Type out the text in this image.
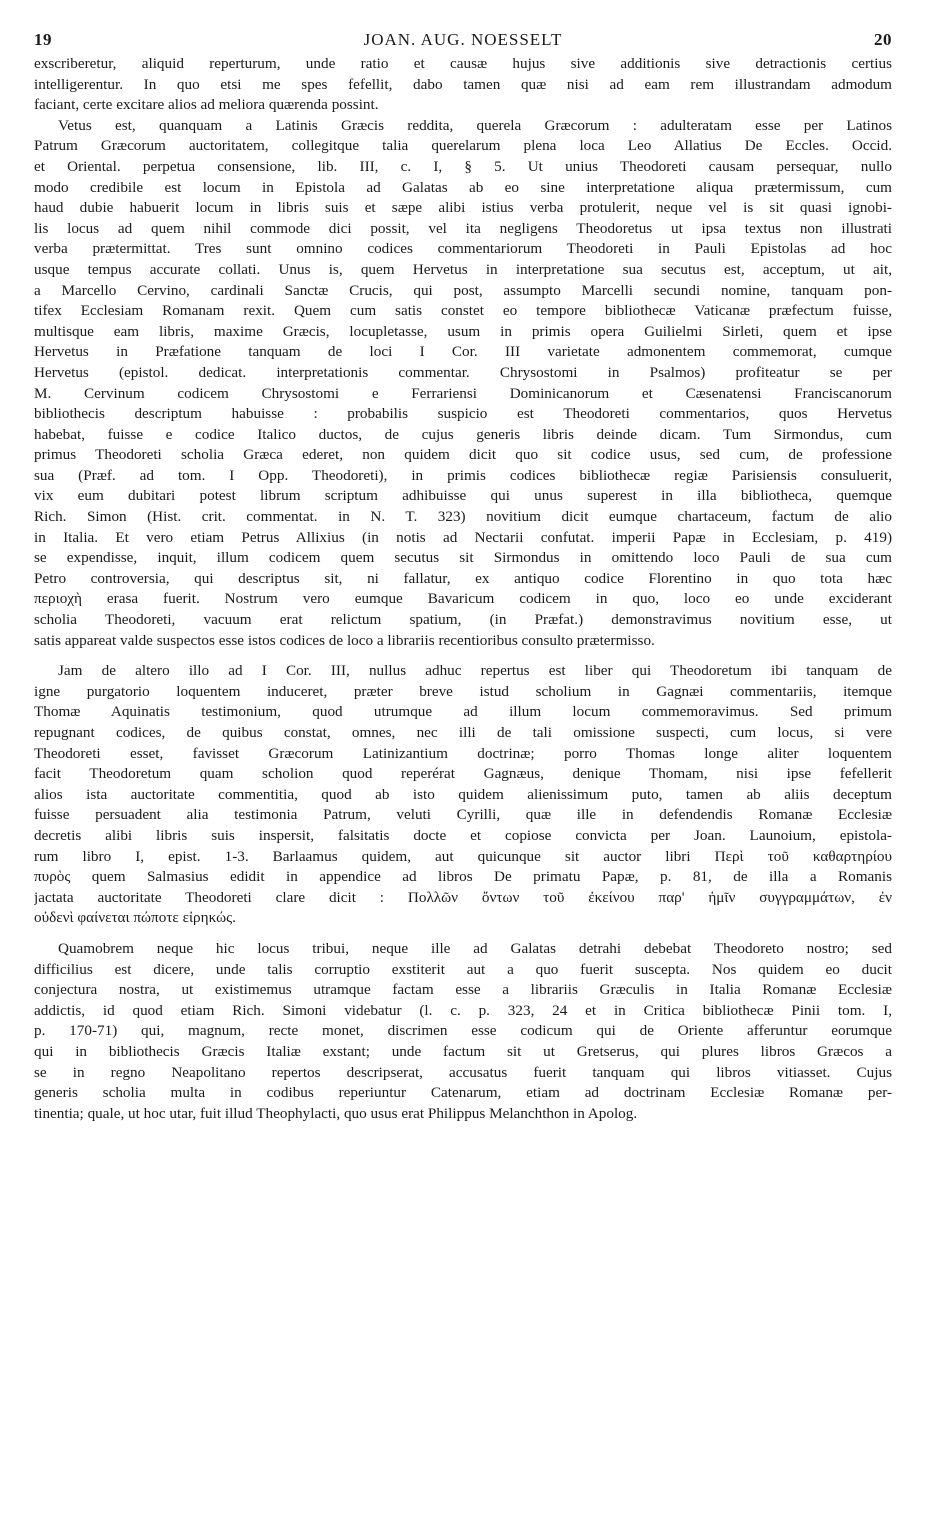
19	JOAN. AUG. NOESSELT	20
exscriberetur, aliquid reperturum, unde ratio et causæ hujus sive additionis sive detractionis certius
intelligerentur. In quo etsi me spes fefellit, dabo tamen quæ nisi ad eam rem illustrandam admodum
faciant, certe excitare alios ad meliora quærenda possint.
Vetus est, quanquam a Latinis Græcis reddita, querela Græcorum : adulteratam esse per Latinos
Patrum Græcorum auctoritatem, collegitque talia querelarum plena loca Leo Allatius De Eccles. Occid.
et Oriental. perpetua consensione, lib. III, c. I, § 5. Ut unius Theodoreti causam persequar, nullo
modo credibile est locum in Epistola ad Galatas ab eo sine interpretatione aliqua prætermissum, cum
haud dubie habuerit locum in libris suis et sæpe alibi istius verba protulerit, neque vel is sit quasi ignobi-
lis locus ad quem nihil commode dici possit, vel ita negligens Theodoretus ut ipsa textus non illustrati
verba prætermittat. Tres sunt omnino codices commentariorum Theodoreti in Pauli Epistolas ad hoc
usque tempus accurate collati. Unus is, quem Hervetus in interpretatione sua secutus est, acceptum, ut ait,
a Marcello Cervino, cardinali Sanctæ Crucis, qui post, assumpto Marcelli secundi nomine, tanquam pon-
tifex Ecclesiam Romanam rexit. Quem cum satis constet eo tempore bibliothecæ Vaticanæ præfectum fuisse,
multisque eam libris, maxime Græcis, locupletasse, usum in primis opera Guilielmi Sirleti, quem et ipse
Hervetus in Præfatione tanquam de loci I Cor. III varietate admonentem commemorat, cumque
Hervetus (epistol. dedicat. interpretationis commentar. Chrysostomi in Psalmos) profiteatur se per
M. Cervinum codicem Chrysostomi e Ferrariensi Dominicanorum et Cæsenatensi Franciscanorum
bibliothecis descriptum habuisse : probabilis suspicio est Theodoreti commentarios, quos Hervetus
habebat, fuisse e codice Italico ductos, de cujus generis libris deinde dicam. Tum Sirmondus, cum
primus Theodoreti scholia Græca ederet, non quidem dicit quo sit codice usus, sed cum, de professione
sua (Præf. ad tom. I Opp. Theodoreti), in primis codices bibliothecæ regiæ Parisiensis consuluerit,
vix eum dubitari potest librum scriptum adhibuisse qui unus superest in illa bibliotheca, quemque
Rich. Simon (Hist. crit. commentat. in N. T. 323) novitium dicit eumque chartaceum, factum de alio
in Italia. Et vero etiam Petrus Allixius (in notis ad Nectarii confutat. imperii Papæ in Ecclesiam, p. 419)
se expendisse, inquit, illum codicem quem secutus sit Sirmondus in omittendo loco Pauli de sua cum
Petro controversia, qui descriptus sit, ni fallatur, ex antiquo codice Florentino in quo tota hæc
περιοχὴ erasa fuerit. Nostrum vero eumque Bavaricum codicem in quo, loco eo unde exciderant
scholia Theodoreti, vacuum erat relictum spatium, (in Præfat.) demonstravimus novitium esse, ut
satis appareat valde suspectos esse istos codices de loco a librariis recentioribus consulto prætermisso.
Jam de altero illo ad I Cor. III, nullus adhuc repertus est liber qui Theodoretum ibi tanquam de
igne purgatorio loquentem induceret, præter breve istud scholium in Gagnæi commentariis, itemque
Thomæ Aquinatis testimonium, quod utrumque ad illum locum commemoravimus. Sed primum
repugnant codices, de quibus constat, omnes, nec illi de tali omissione suspecti, cum locus, si vere
Theodoreti esset, favisset Græcorum Latinizantium doctrinæ; porro Thomas longe aliter loquentem
facit Theodoretum quam scholion quod reperérat Gagnæus, denique Thomam, nisi ipse fefellerit
alios ista auctoritate commentitia, quod ab isto quidem alienissimum puto, tamen ab aliis deceptum
fuisse persuadent alia testimonia Patrum, veluti Cyrilli, quæ ille in defendendis Romanæ Ecclesiæ
decretis alibi libris suis inspersit, falsitatis docte et copiose convicta per Joan. Launoium, epistola-
rum libro I, epist. 1-3. Barlaamus quidem, aut quicunque sit auctor libri Περὶ τοῦ καθαρτηρίου
πυρὸς quem Salmasius edidit in appendice ad libros De primatu Papæ, p. 81, de illa a Romanis
jactata auctoritate Theodoreti clare dicit : Πολλῶν ὄντων τοῦ ἐκείνου παρ' ἡμῖν συγγραμμάτων, ἐν
οὐδενὶ φαίνεται πώποτε εἰρηκώς.
Quamobrem neque hic locus tribui, neque ille ad Galatas detrahi debebat Theodoreto nostro; sed
difficilius est dicere, unde talis corruptio exstiterit aut a quo fuerit suscepta. Nos quidem eo ducit
conjectura nostra, ut existimemus utramque factam esse a librariis Græculis in Italia Romanæ Ecclesiæ
addictis, id quod etiam Rich. Simoni videbatur (l. c. p. 323, 24 et in Critica bibliothecæ Pinii tom. I,
p. 170-71) qui, magnum, recte monet, discrimen esse codicum qui de Oriente afferuntur eorumque
qui in bibliothecis Græcis Italiæ exstant; unde factum sit ut Gretserus, qui plures libros Græcos a
se in regno Neapolitano repertos descripserat, accusatus fuerit tanquam qui libros vitiasset. Cujus
generis scholia multa in codibus reperiuntur Catenarum, etiam ad doctrinam Ecclesiæ Romanæ per-
tinentia; quale, ut hoc utar, fuit illud Theophylacti, quo usus erat Philippus Melanchthon in Apolog.
